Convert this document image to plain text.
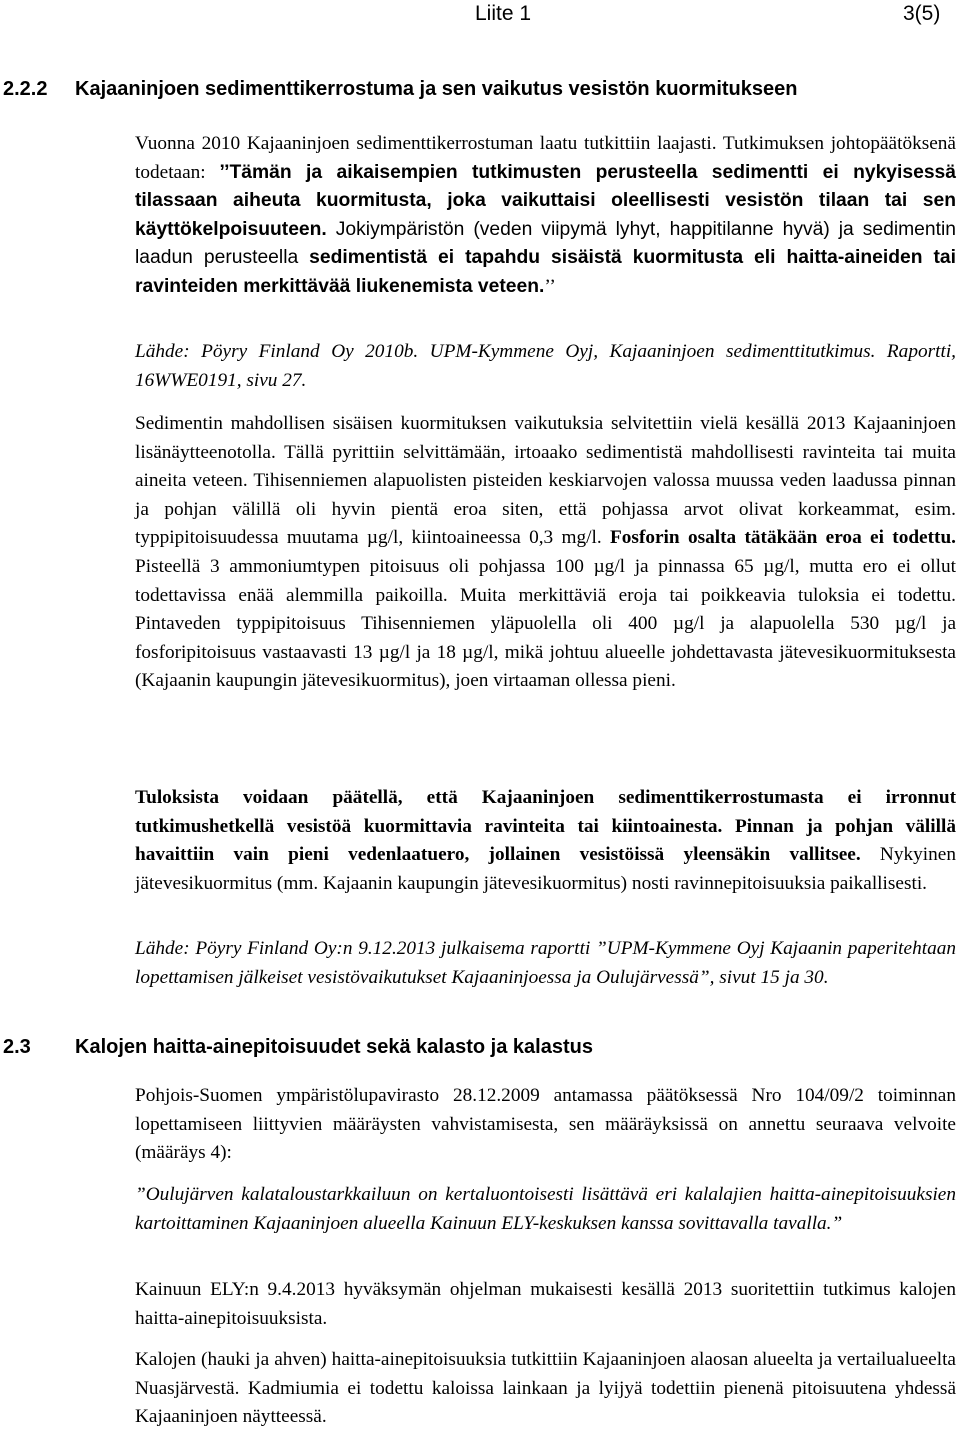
Liite 1	3(5)
2.2.2 Kajaaninjoen sedimenttikerrostuma ja sen vaikutus vesistön kuormitukseen

Vuonna 2010 Kajaaninjoen sedimenttikerrostuman laatu tutkittiin laajasti. Tutkimuksen johtopäätöksenä todetaan: ’’Tämän ja aikaisempien tutkimusten perusteella sedimentti ei nykyisessä tilassaan aiheuta kuormitusta, joka vaikuttaisi oleellisesti vesistön tilaan tai sen käyttökelpoisuuteen. Jokiympäristön (veden viipymä lyhyt, happitilanne hyvä) ja sedimentin laadun perusteella sedimentistä ei tapahdu sisäistä kuormitusta eli haitta-aineiden tai ravinteiden merkittävää liukenemista veteen.’’

Lähde: Pöyry Finland Oy 2010b. UPM-Kymmene Oyj, Kajaaninjoen sedimenttitutkimus. Raportti, 16WWE0191, sivu 27.

Sedimentin mahdollisen sisäisen kuormituksen vaikutuksia selvitettiin vielä kesällä 2013 Kajaaninjoen lisänäytteenotolla. Tällä pyrittiin selvittämään, irtoaako sedimentistä mahdollisesti ravinteita tai muita aineita veteen. Tihisenniemen alapuolisten pisteiden keskiarvojen valossa muussa veden laadussa pinnan ja pohjan välillä oli hyvin pientä eroa siten, että pohjassa arvot olivat korkeammat, esim. typpipitoisuudessa muutama µg/l, kiintoaineessa 0,3 mg/l. Fosforin osalta tätäkään eroa ei todettu. Pisteellä 3 ammoniumtypen pitoisuus oli pohjassa 100 µg/l ja pinnassa 65 µg/l, mutta ero ei ollut todettavissa enää alemmilla paikoilla. Muita merkittäviä eroja tai poikkeavia tuloksia ei todettu. Pintaveden typpipitoisuus Tihisenniemen yläpuolella oli 400 µg/l ja alapuolella 530 µg/l ja fosforipitoisuus vastaavasti 13 µg/l ja 18 µg/l, mikä johtuu alueelle johdettavasta jätevesikuormituksesta (Kajaanin kaupungin jätevesikuormitus), joen virtaaman ollessa pieni.

Tuloksista voidaan päätellä, että Kajaaninjoen sedimenttikerrostumasta ei irronnut tutkimushetkellä vesistöä kuormittavia ravinteita tai kiintoainesta. Pinnan ja pohjan välillä havaittiin vain pieni vedenlaatuero, jollainen vesistöissä yleensäkin vallitsee. Nykyinen jätevesikuormitus (mm. Kajaanin kaupungin jätevesikuormitus) nosti ravinnepitoisuuksia paikallisesti.

Lähde: Pöyry Finland Oy:n 9.12.2013 julkaisema raportti ”UPM-Kymmene Oyj Kajaanin paperitehtaan lopettamisen jälkeiset vesistövaikutukset Kajaaninjoessa ja Oulujärvessä”, sivut 15 ja 30.

2.3 Kalojen haitta-ainepitoisuudet sekä kalasto ja kalastus

Pohjois-Suomen ympäristölupavirasto 28.12.2009 antamassa päätöksessä Nro 104/09/2 toiminnan lopettamiseen liittyvien määräysten vahvistamisesta, sen määräyksissä on annettu seuraava velvoite (määräys 4):

”Oulujärven kalataloustarkkailuun on kertaluontoisesti lisättävä eri kalalajien haitta-ainepitoisuuksien kartoittaminen Kajaaninjoen alueella Kainuun ELY-keskuksen kanssa sovittavalla tavalla.”

Kainuun ELY:n 9.4.2013 hyväksymän ohjelman mukaisesti kesällä 2013 suoritettiin tutkimus kalojen haitta-ainepitoisuuksista.

Kalojen (hauki ja ahven) haitta-ainepitoisuuksia tutkittiin Kajaaninjoen alaosan alueelta ja vertailualueelta Nuasjärvestä. Kadmiumia ei todettu kaloissa lainkaan ja lyijyä todettiin pienenä pitoisuutena yhdessä Kajaaninjoen näytteessä.
